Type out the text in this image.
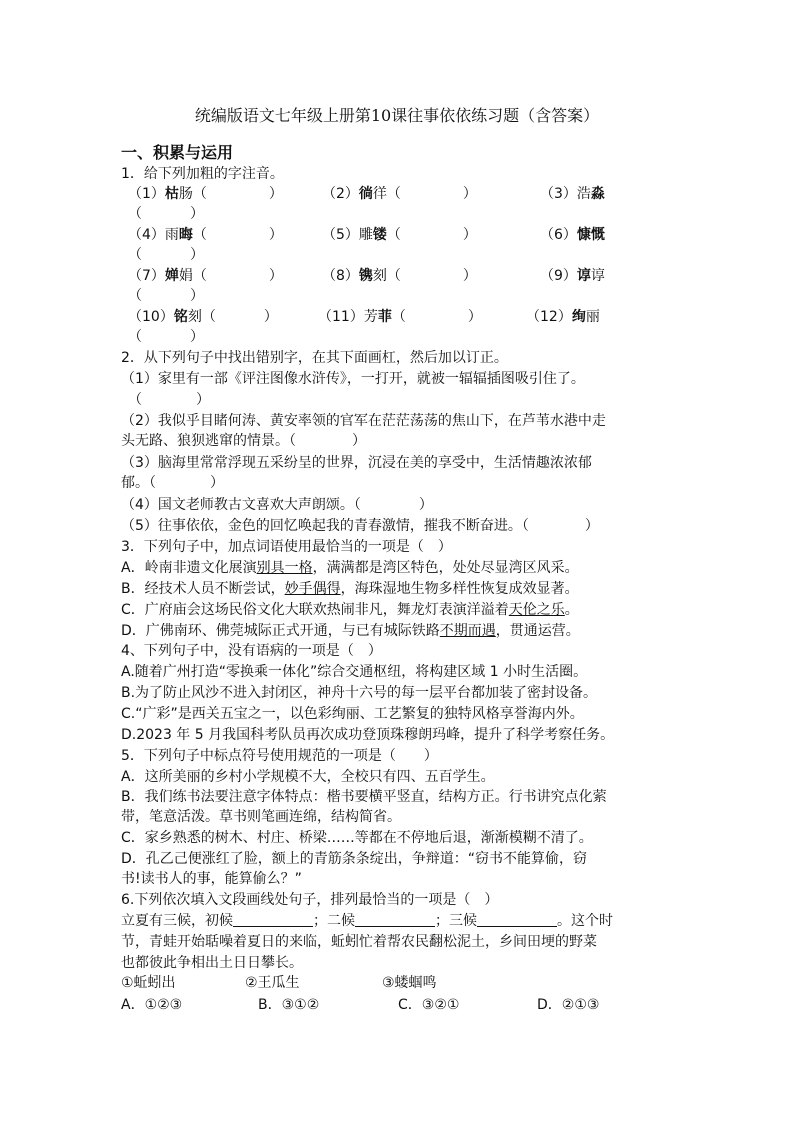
统编版语文七年级上册第10课往事依依练习题（含答案）
一、积累与运用
1．给下列加粗的字注音。
（1）枯肠（	）	（2）徜徉（	）	（3）浩淼
（	）
（4）雨晦（	）	（5）雕镂（	）	（6）慷慨
（	）
（7）婵娟（	）	（8）镌刻（	）	（9）谆谆
（	）
（10）铭刻（	）	（11）芳菲（	）	（12）绚丽
（	）
2．从下列句子中找出错别字，在其下面画杠，然后加以订正。
（1）家里有一部《评注图像水浒传》，一打开，就被一辐辐插图吸引住了。
（	）
（2）我似乎目睹何涛、黄安率领的官军在茫茫荡荡的焦山下，在芦苇水港中走
头无路、狼狈逃窜的情景。（	）
（3）脑海里常常浮现五采纷呈的世界，沉浸在美的享受中，生活情趣浓浓郁
郁。（	）
（4）国文老师教古文喜欢大声朗颂。（	）
（5）往事依依，金色的回忆唤起我的青春激情，摧我不断奋进。（	）
3．下列句子中，加点词语使用最恰当的一项是（　）
A．岭南非遗文化展演别具一格，满满都是湾区特色，处处尽显湾区风采。
B．经技术人员不断尝试，妙手偶得，海珠湿地生物多样性恢复成效显著。
C．广府庙会这场民俗文化大联欢热闹非凡，舞龙灯表演洋溢着天伦之乐。
D．广佛南环、佛莞城际正式开通，与已有城际铁路不期而遇，贯通运营。
4、下列句子中，没有语病的一项是（　）
A.随着广州打造“零换乘一体化”综合交通枢纽，将构建区域 1 小时生活圈。
B.为了防止风沙不进入封闭区，神舟十六号的每一层平台都加装了密封设备。
C.“广彩”是西关五宝之一，以色彩绚丽、工艺繁复的独特风格享誉海内外。
D.2023 年 5 月我国科考队员再次成功登顶珠穆朗玛峰，提升了科学考察任务。
5．下列句子中标点符号使用规范的一项是（　　）
A．这所美丽的乡村小学规模不大，全校只有四、五百学生。
B．我们练书法要注意字体特点：楷书要横平竖直，结构方正。行书讲究点化萦
带，笔意活泼。草书则笔画连绵，结构简省。
C．家乡熟悉的树木、村庄、桥梁……等都在不停地后退，渐渐模糊不清了。
D．孔乙己便涨红了脸，额上的青筋条条绽出，争辩道：“窃书不能算偷，窃
书!读书人的事，能算偷么？”
6.下列依次填入文段画线处句子，排列最恰当的一项是（　）
立夏有三候，初候	；二候	；三候	。这个时
节，青蛙开始聒噪着夏日的来临，蚯蚓忙着帮农民翻松泥土，乡间田埂的野菜
也都彼此争相出土日日攀长。
①蚯蚓出	②王瓜生	③蝼蝈鸣
A．①②③	B．③①②	C．③②①	D．②①③
